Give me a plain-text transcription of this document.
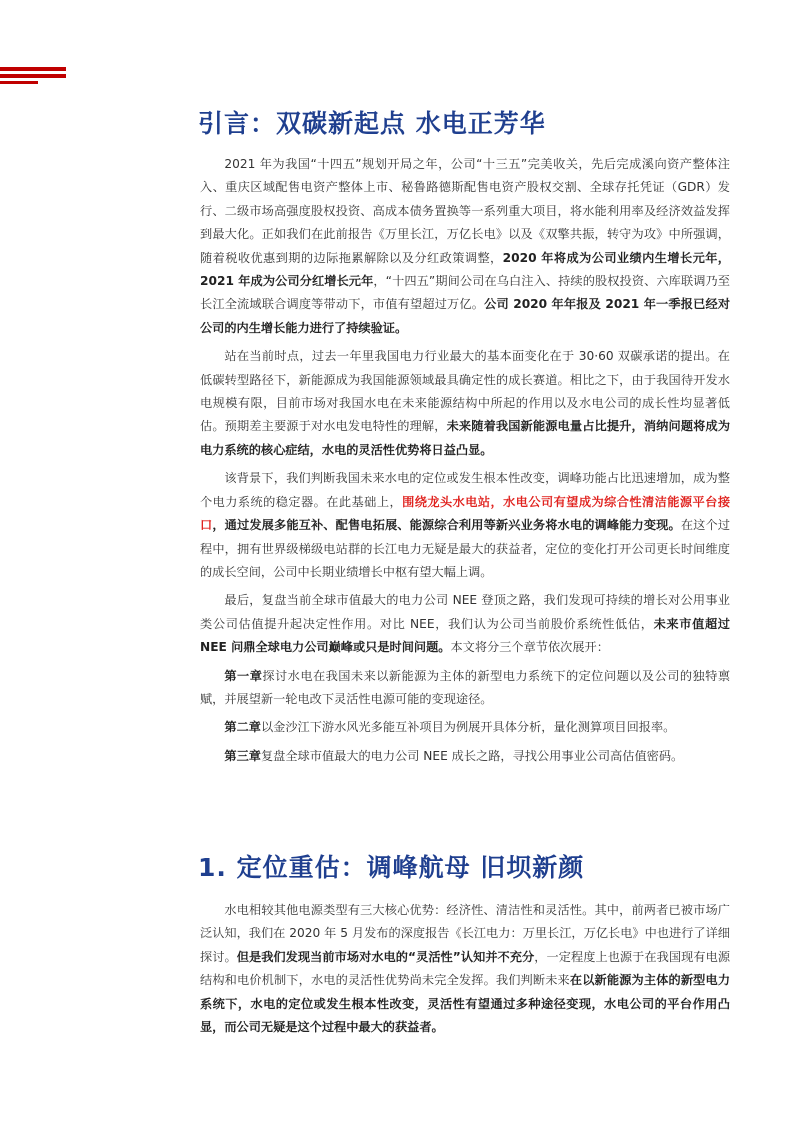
引言：双碳新起点 水电正芳华

2021 年为我国“十四五”规划开局之年，公司“十三五”完美收关，先后完成溪向资产整体注入、重庆区域配售电资产整体上市、秘鲁路德斯配售电资产股权交割、全球存托凭证（GDR）发行、二级市场高强度股权投资、高成本债务置换等一系列重大项目，将水能利用率及经济效益发挥到最大化。正如我们在此前报告《万里长江，万亿长电》以及《双擎共振，转守为攻》中所强调，随着税收优惠到期的边际拖累解除以及分红政策调整，2020 年将成为公司业绩内生增长元年，2021 年成为公司分红增长元年，“十四五”期间公司在乌白注入、持续的股权投资、六库联调乃至长江全流域联合调度等带动下，市值有望超过万亿。公司 2020 年年报及 2021 年一季报已经对公司的内生增长能力进行了持续验证。

站在当前时点，过去一年里我国电力行业最大的基本面变化在于 30·60 双碳承诺的提出。在低碳转型路径下，新能源成为我国能源领域最具确定性的成长赛道。相比之下，由于我国待开发水电规模有限，目前市场对我国水电在未来能源结构中所起的作用以及水电公司的成长性均显著低估。预期差主要源于对水电发电特性的理解，未来随着我国新能源电量占比提升，消纳问题将成为电力系统的核心症结，水电的灵活性优势将日益凸显。

该背景下，我们判断我国未来水电的定位或发生根本性改变，调峰功能占比迅速增加，成为整个电力系统的稳定器。在此基础上，围绕龙头水电站，水电公司有望成为综合性清洁能源平台接口，通过发展多能互补、配售电拓展、能源综合利用等新兴业务将水电的调峰能力变现。在这个过程中，拥有世界级梯级电站群的长江电力无疑是最大的获益者，定位的变化打开公司更长时间维度的成长空间，公司中长期业绩增长中枢有望大幅上调。

最后，复盘当前全球市值最大的电力公司 NEE 登顶之路，我们发现可持续的增长对公用事业类公司估值提升起决定性作用。对比 NEE，我们认为公司当前股价系统性低估，未来市值超过 NEE 问鼎全球电力公司巅峰或只是时间问题。本文将分三个章节依次展开：

第一章探讨水电在我国未来以新能源为主体的新型电力系统下的定位问题以及公司的独特禀赋，并展望新一轮电改下灵活性电源可能的变现途径。

第二章以金沙江下游水风光多能互补项目为例展开具体分析，量化测算项目回报率。

第三章复盘全球市值最大的电力公司 NEE 成长之路，寻找公用事业公司高估值密码。

1. 定位重估：调峰航母 旧坝新颜

水电相较其他电源类型有三大核心优势：经济性、清洁性和灵活性。其中，前两者已被市场广泛认知，我们在 2020 年 5 月发布的深度报告《长江电力：万里长江，万亿长电》中也进行了详细探讨。但是我们发现当前市场对水电的“灵活性”认知并不充分，一定程度上也源于在我国现有电源结构和电价机制下，水电的灵活性优势尚未完全发挥。我们判断未来在以新能源为主体的新型电力系统下，水电的定位或发生根本性改变，灵活性有望通过多种途径变现，水电公司的平台作用凸显，而公司无疑是这个过程中最大的获益者。
